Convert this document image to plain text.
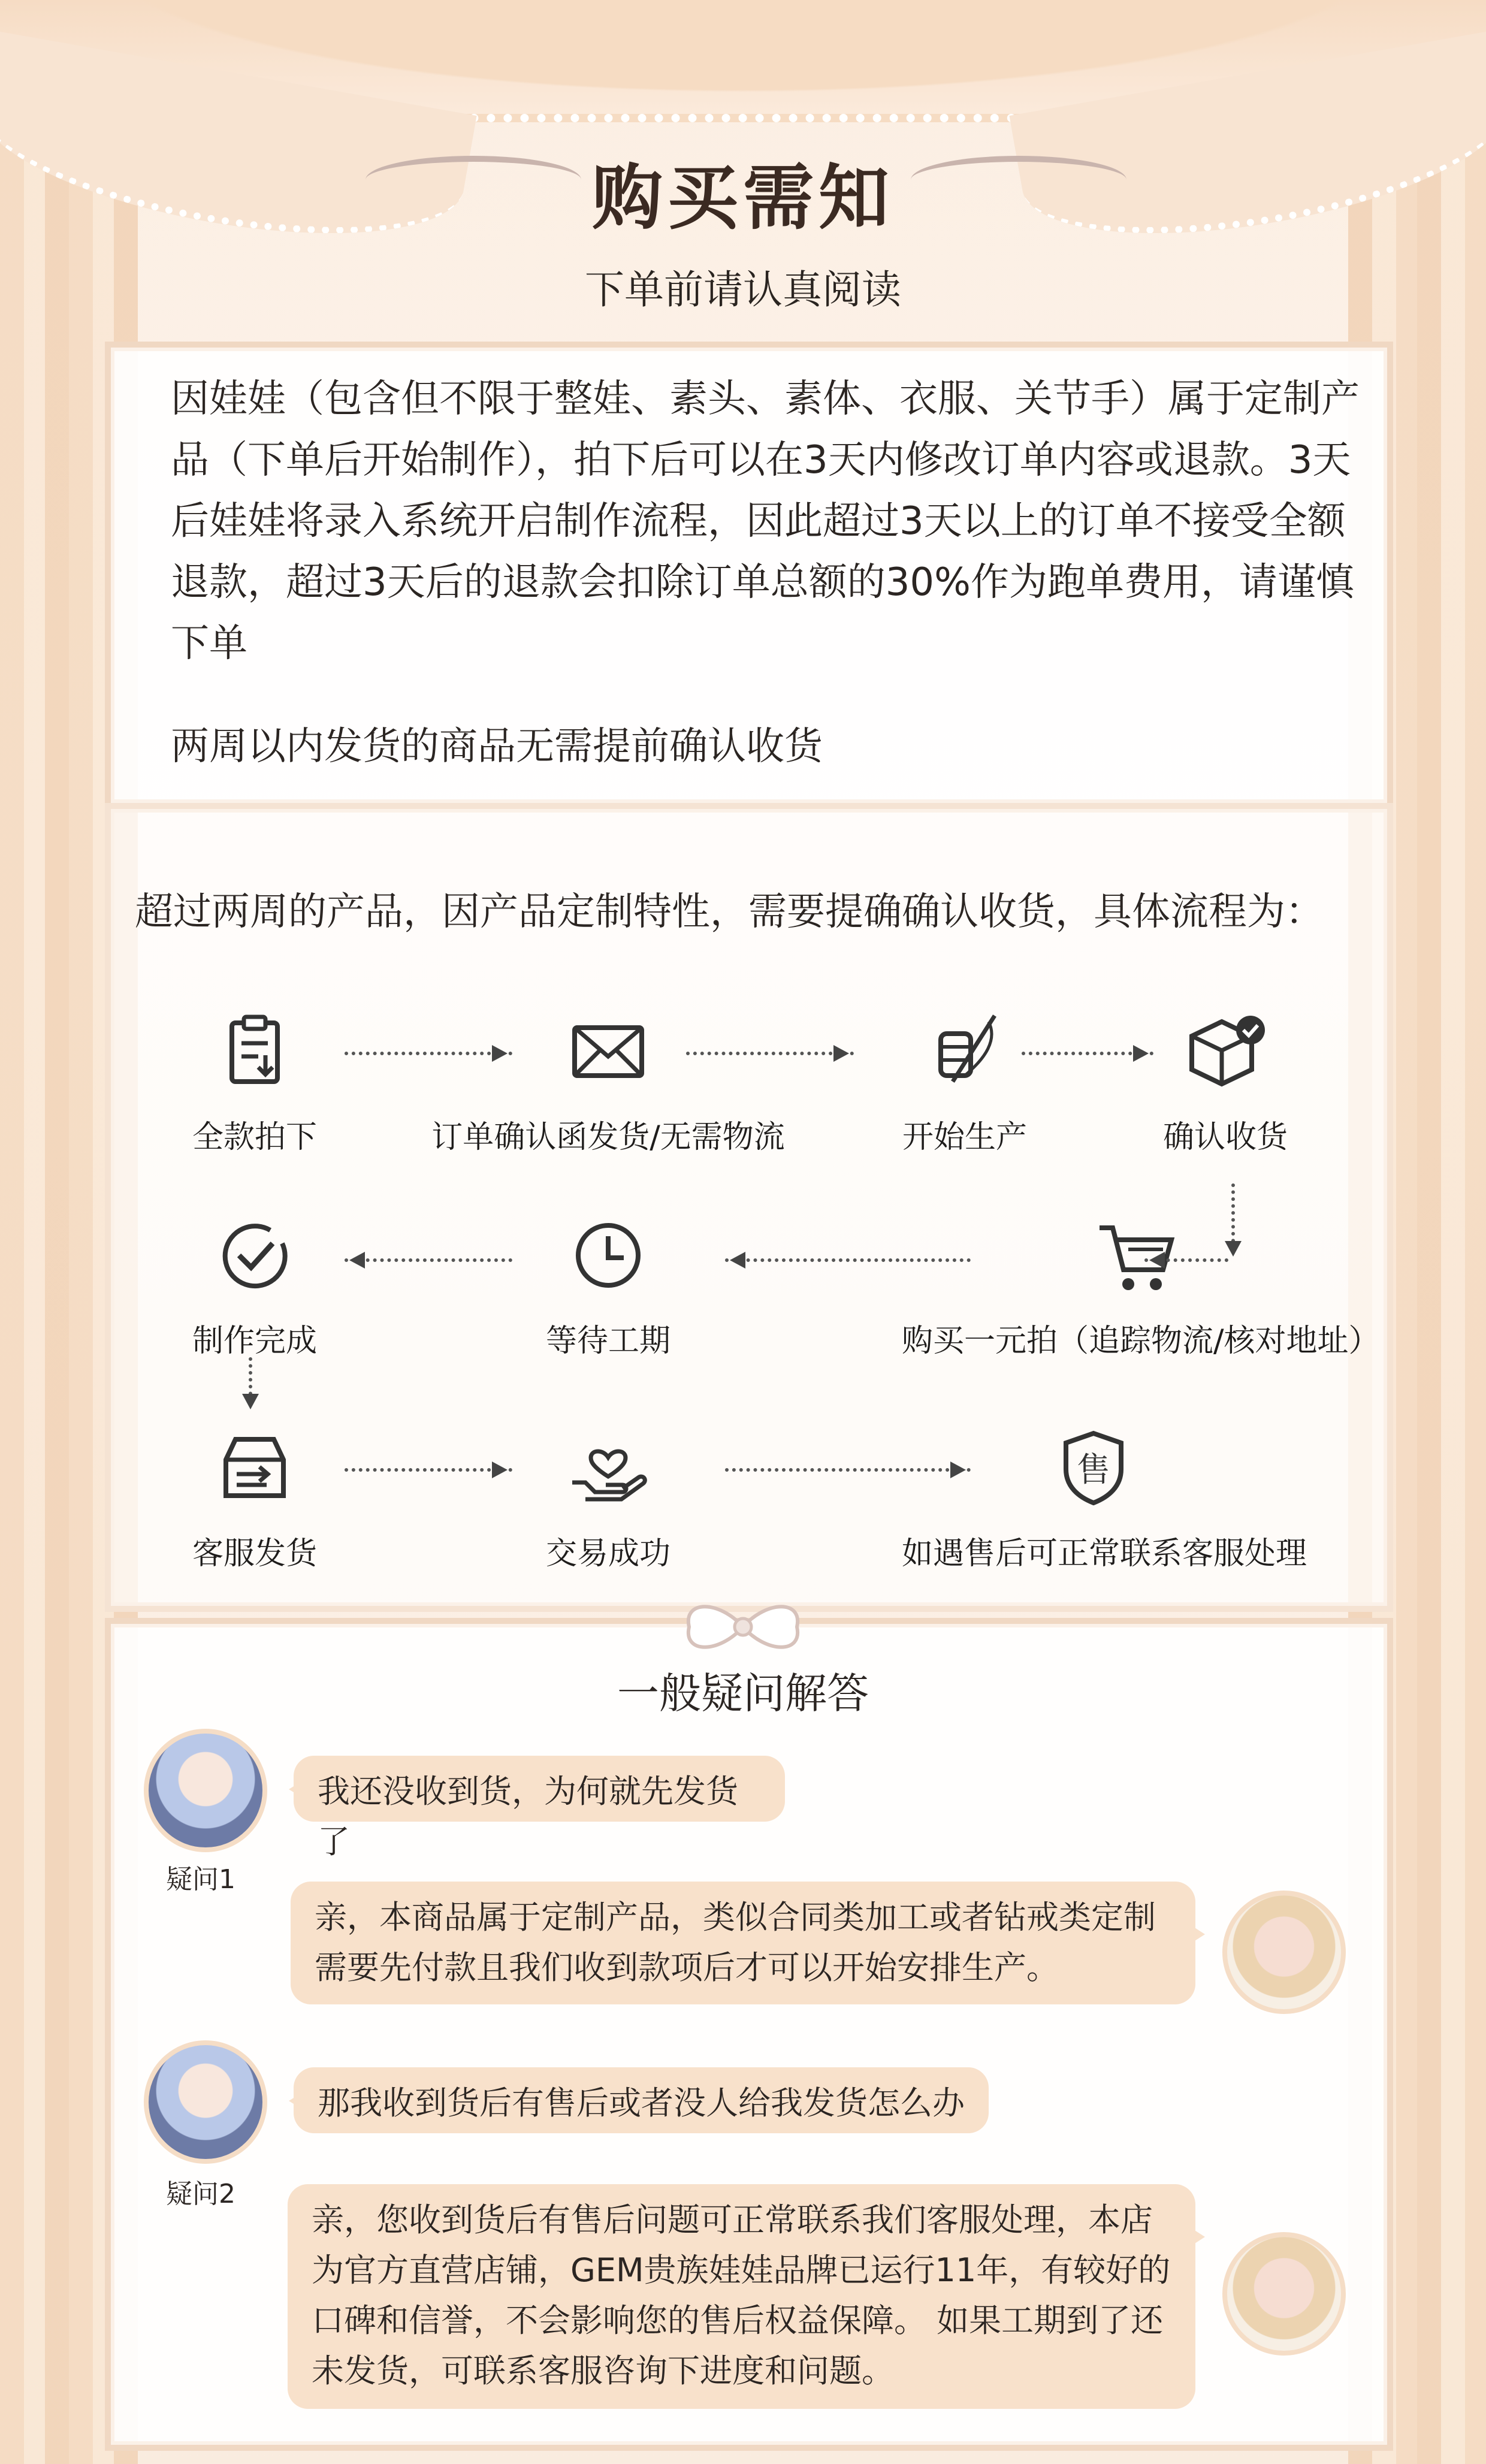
购买需知
下单前请认真阅读
因娃娃（包含但不限于整娃、素头、素体、衣服、关节手）属于定制产品（下单后开始制作），拍下后可以在3天内修改订单内容或退款。3天后娃娃将录入系统开启制作流程，因此超过3天以上的订单不接受全额退款，超过3天后的退款会扣除订单总额的30%作为跑单费用，请谨慎下单
两周以内发货的商品无需提前确认收货
超过两周的产品，因产品定制特性，需要提确确认收货，具体流程为：
全款拍下	订单确认函发货/无需物流	开始生产	确认收货
购买一元拍（追踪物流/核对地址）
等待工期
制作完成
客服发货	交易成功
售
如遇售后可正常联系客服处理
一般疑问解答
疑问1
我还没收到货，为何就先发货了
亲，本商品属于定制产品，类似合同类加工或者钻戒类定制需要先付款且我们收到款项后才可以开始安排生产。
疑问2
那我收到货后有售后或者没人给我发货怎么办
亲，您收到货后有售后问题可正常联系我们客服处理，本店为官方直营店铺，GEM贵族娃娃品牌已运行11年，有较好的口碑和信誉，不会影响您的售后权益保障。 如果工期到了还未发货，可联系客服咨询下进度和问题。
